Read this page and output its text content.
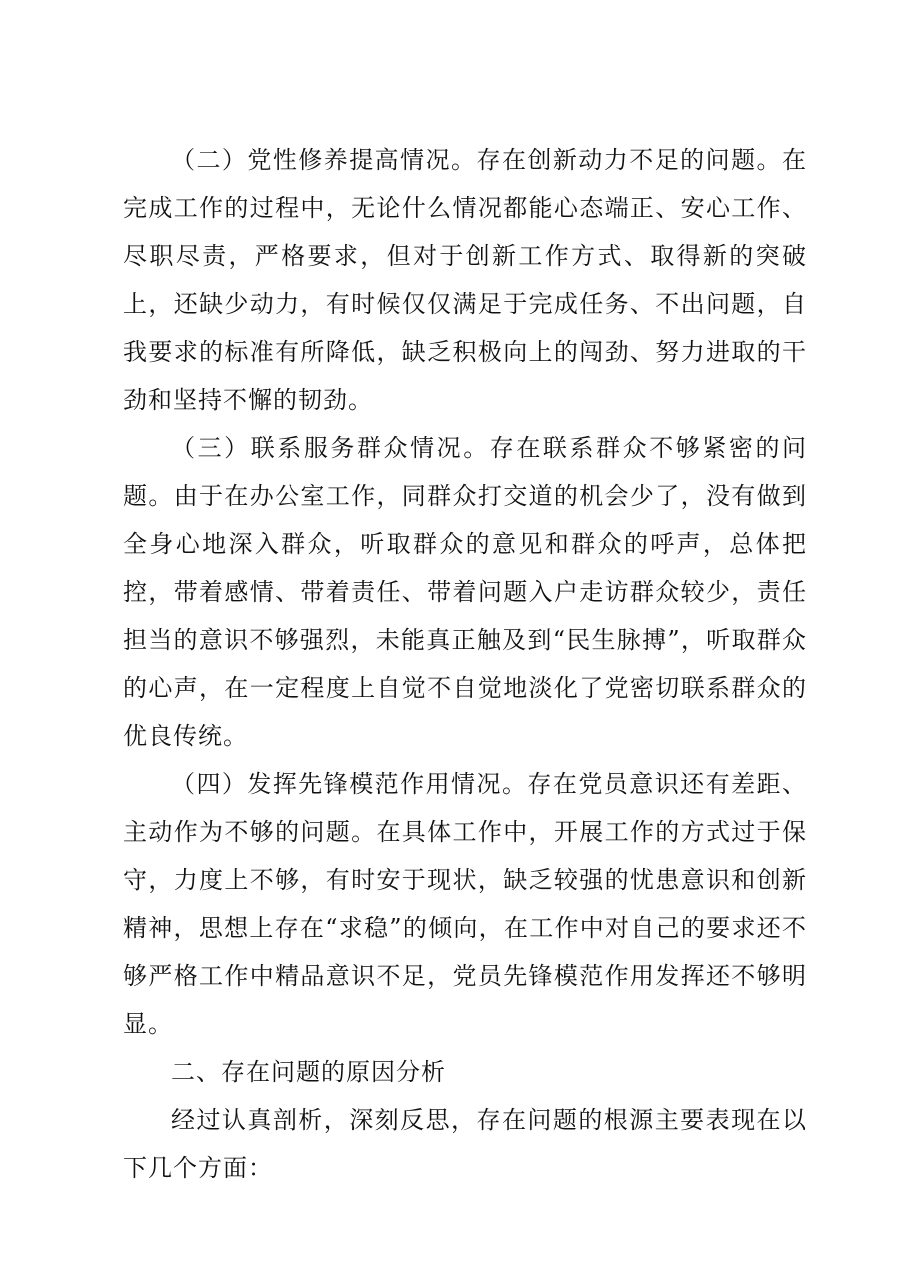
（二）党性修养提高情况。存在创新动力不足的问题。在完成工作的过程中，无论什么情况都能心态端正、安心工作、尽职尽责，严格要求，但对于创新工作方式、取得新的突破上，还缺少动力，有时候仅仅满足于完成任务、不出问题，自我要求的标准有所降低，缺乏积极向上的闯劲、努力进取的干劲和坚持不懈的韧劲。

（三）联系服务群众情况。存在联系群众不够紧密的问题。由于在办公室工作，同群众打交道的机会少了，没有做到全身心地深入群众，听取群众的意见和群众的呼声，总体把控，带着感情、带着责任、带着问题入户走访群众较少，责任担当的意识不够强烈，未能真正触及到“民生脉搏”，听取群众的心声，在一定程度上自觉不自觉地淡化了党密切联系群众的优良传统。

（四）发挥先锋模范作用情况。存在党员意识还有差距、主动作为不够的问题。在具体工作中，开展工作的方式过于保守，力度上不够，有时安于现状，缺乏较强的忧患意识和创新精神，思想上存在“求稳”的倾向，在工作中对自己的要求还不够严格工作中精品意识不足，党员先锋模范作用发挥还不够明显。

二、存在问题的原因分析

经过认真剖析，深刻反思，存在问题的根源主要表现在以下几个方面：
